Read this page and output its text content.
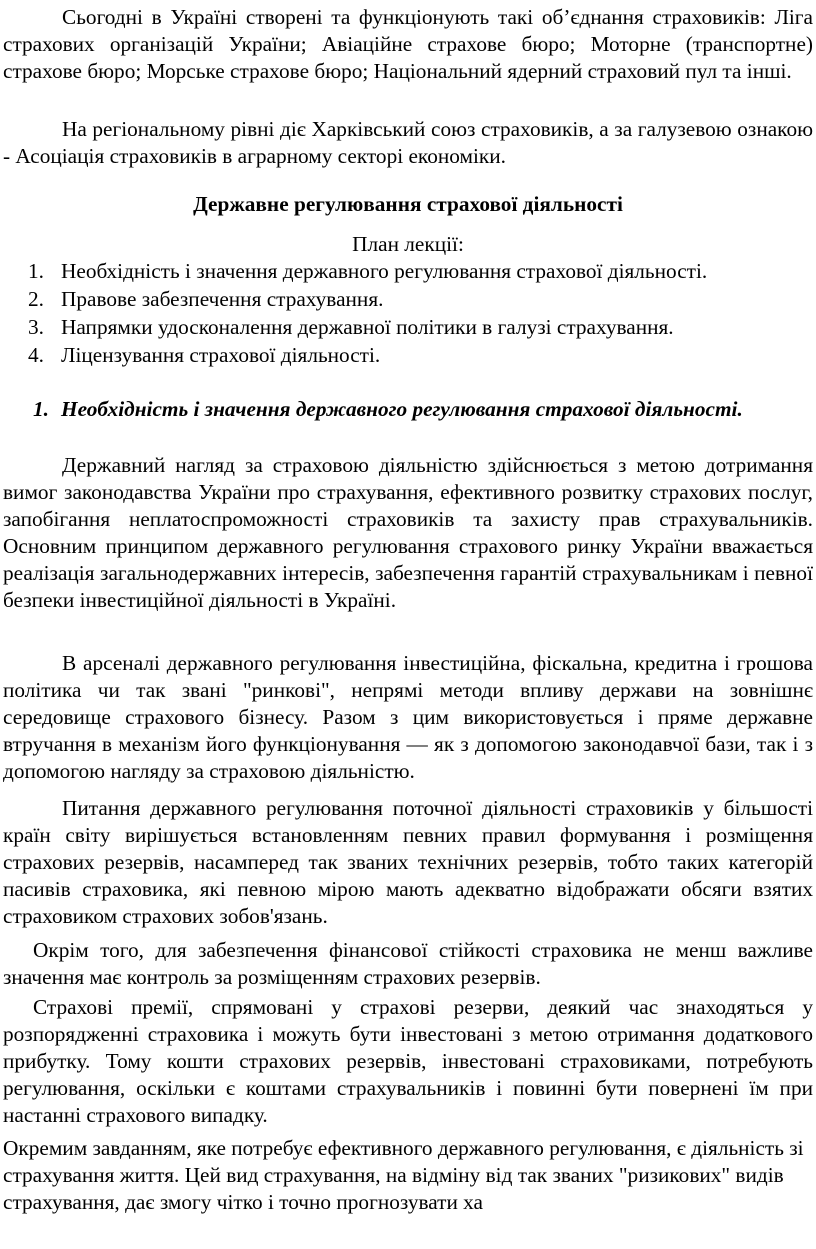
Сьогодні в Україні створені та функціонують такі об’єднання страховиків: Ліга страхових організацій України; Авіаційне страхове бюро; Моторне (транспортне) страхове бюро; Морське страхове бюро; Національний ядерний страховий пул та інші.

На регіональному рівні діє Харківський союз страховиків, а за галузевою ознакою - Асоціація страховиків в аграрному секторі економіки.

Державне регулювання страхової діяльності

План лекції:

1. Необхідність і значення державного регулювання страхової діяльності.
2. Правове забезпечення страхування.
3. Напрямки удосконалення державної політики в галузі страхування.
4. Ліцензування страхової діяльності.
1. Необхідність і значення державного регулювання страхової діяльності.

Державний нагляд за страховою діяльністю здійснюється з метою дотримання вимог законодавства України про страхування, ефективного розвитку страхових послуг, запобігання неплатоспроможності страховиків та захисту прав страхувальників. Основним принципом державного регулювання страхового ринку України вважається реалізація загальнодержавних інтересів, забезпечення гарантій страхувальникам і певної безпеки інвестиційної діяльності в Україні.

В арсеналі державного регулювання інвестиційна, фіскальна, кредитна і грошова політика чи так звані "ринкові", непрямі методи впливу держави на зовнішнє середовище страхового бізнесу. Разом з цим використовується і пряме державне втручання в механізм його функціонування — як з допомогою законодавчої бази, так і з допомогою нагляду за страховою діяльністю.

Питання державного регулювання поточної діяльності страховиків у більшості країн світу вирішується встановленням певних правил формування і розміщення страхових резервів, насамперед так званих технічних резервів, тобто таких категорій пасивів страховика, які певною мірою мають адекватно відображати обсяги взятих страховиком страхових зобов'язань.

Окрім того, для забезпечення фінансової стійкості страховика не менш важливе значення має контроль за розміщенням страхових резервів.

Страхові премії, спрямовані у страхові резерви, деякий час знаходяться у розпорядженні страховика і можуть бути інвестовані з метою отримання додаткового прибутку. Тому кошти страхових резервів, інвестовані страховиками, потребують регулювання, оскільки є коштами страхувальників і повинні бути повернені їм при настанні страхового випадку.

Окремим завданням, яке потребує ефективного державного регулювання, є діяльність зі страхування життя. Цей вид страхування, на відміну від так званих "ризикових" видів страхування, дає змогу чітко і точно прогнозувати ха
